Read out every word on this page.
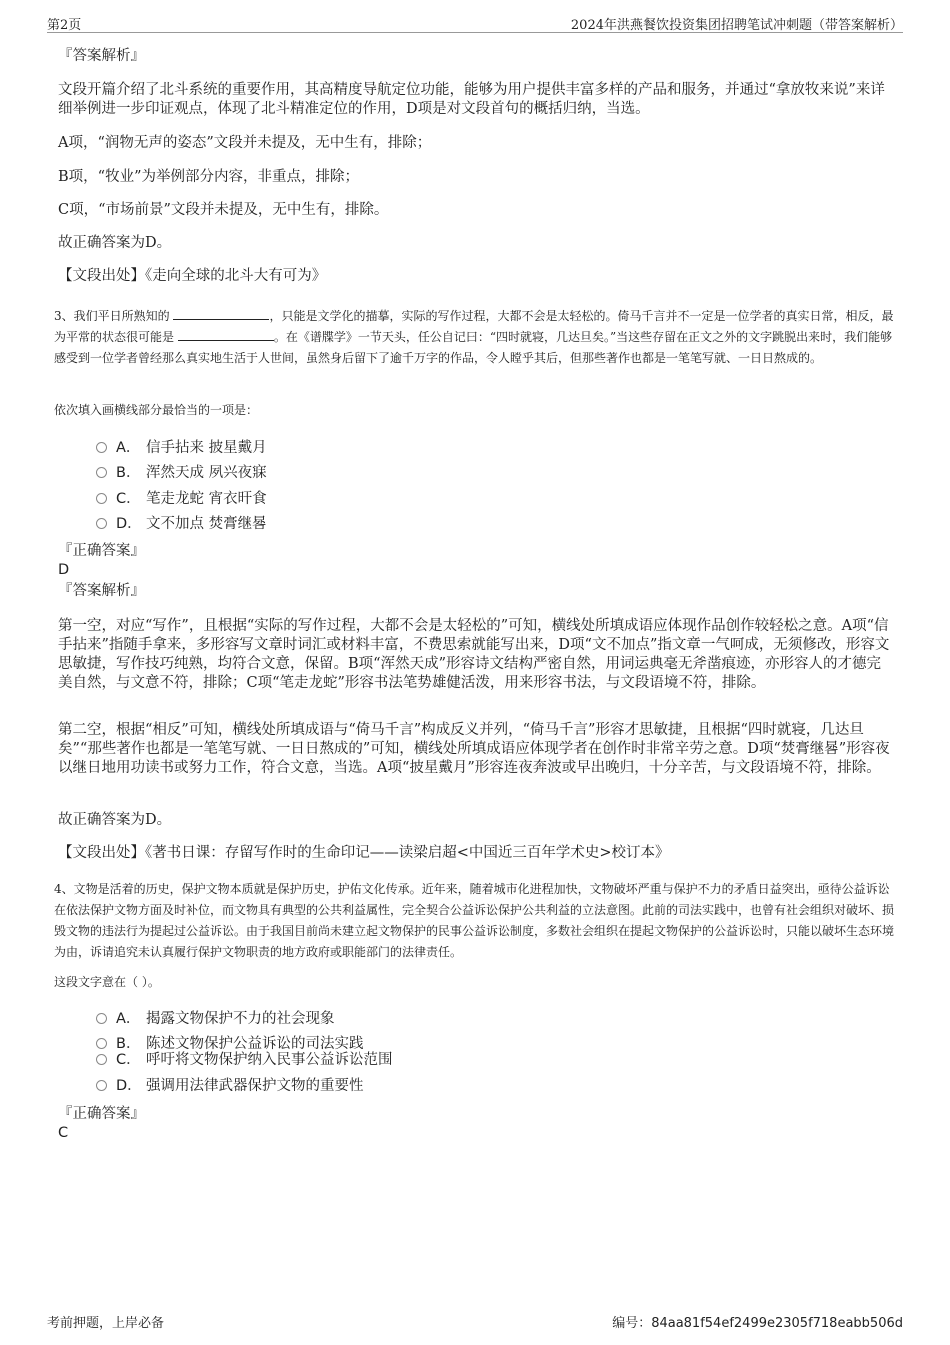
第2页	2024年洪燕餐饮投资集团招聘笔试冲刺题（带答案解析）
『答案解析』
文段开篇介绍了北斗系统的重要作用，其高精度导航定位功能，能够为用户提供丰富多样的产品和服务，并通过“拿放牧来说”来详细举例进一步印证观点，体现了北斗精准定位的作用，D项是对文段首句的概括归纳，当选。
A项，“润物无声的姿态”文段并未提及，无中生有，排除；
B项，“牧业”为举例部分内容，非重点，排除；
C项，“市场前景”文段并未提及，无中生有，排除。
故正确答案为D。
【文段出处】《走向全球的北斗大有可为》
3、我们平日所熟知的	，只能是文学化的描摹，实际的写作过程，大都不会是太轻松的。倚马千言并不一定是一位学者的真实日常，相反，最为平常的状态很可能是	。在《谱牒学》一节天头，任公自记曰：“四时就寝，几达旦矣。”当这些存留在正文之外的文字跳脱出来时，我们能够感受到一位学者曾经那么真实地生活于人世间，虽然身后留下了逾千万字的作品，令人瞠乎其后，但那些著作也都是一笔笔写就、一日日熬成的。
依次填入画横线部分最恰当的一项是：
A． 信手拈来 披星戴月
B． 浑然天成 夙兴夜寐
C． 笔走龙蛇 宵衣旰食
D． 文不加点 焚膏继晷
『正确答案』
D
『答案解析』
第一空，对应“写作”，且根据“实际的写作过程，大都不会是太轻松的”可知，横线处所填成语应体现作品创作较轻松之意。A项“信手拈来”指随手拿来，多形容写文章时词汇或材料丰富，不费思索就能写出来，D项“文不加点”指文章一气呵成，无须修改，形容文思敏捷，写作技巧纯熟，均符合文意，保留。B项“浑然天成”形容诗文结构严密自然，用词运典毫无斧凿痕迹，亦形容人的才德完美自然，与文意不符，排除；C项“笔走龙蛇”形容书法笔势雄健活泼，用来形容书法，与文段语境不符，排除。
第二空，根据“相反”可知，横线处所填成语与“倚马千言”构成反义并列，“倚马千言”形容才思敏捷，且根据“四时就寝，几达旦矣”“那些著作也都是一笔笔写就、一日日熬成的”可知，横线处所填成语应体现学者在创作时非常辛劳之意。D项“焚膏继晷”形容夜以继日地用功读书或努力工作，符合文意，当选。A项“披星戴月”形容连夜奔波或早出晚归，十分辛苦，与文段语境不符，排除。
故正确答案为D。
【文段出处】《著书日课：存留写作时的生命印记——读梁启超<中国近三百年学术史>校订本》
4、文物是活着的历史，保护文物本质就是保护历史，护佑文化传承。近年来，随着城市化进程加快，文物破坏严重与保护不力的矛盾日益突出，亟待公益诉讼在依法保护文物方面及时补位，而文物具有典型的公共利益属性，完全契合公益诉讼保护公共利益的立法意图。此前的司法实践中，也曾有社会组织对破坏、损毁文物的违法行为提起过公益诉讼。由于我国目前尚未建立起文物保护的民事公益诉讼制度，多数社会组织在提起文物保护的公益诉讼时，只能以破坏生态环境为由，诉请追究未认真履行保护文物职责的地方政府或职能部门的法律责任。
这段文字意在（ ）。
A． 揭露文物保护不力的社会现象
B． 陈述文物保护公益诉讼的司法实践
C． 呼吁将文物保护纳入民事公益诉讼范围
D． 强调用法律武器保护文物的重要性
『正确答案』
C
考前押题，上岸必备	编号：84aa81f54ef2499e2305f718eabb506d
